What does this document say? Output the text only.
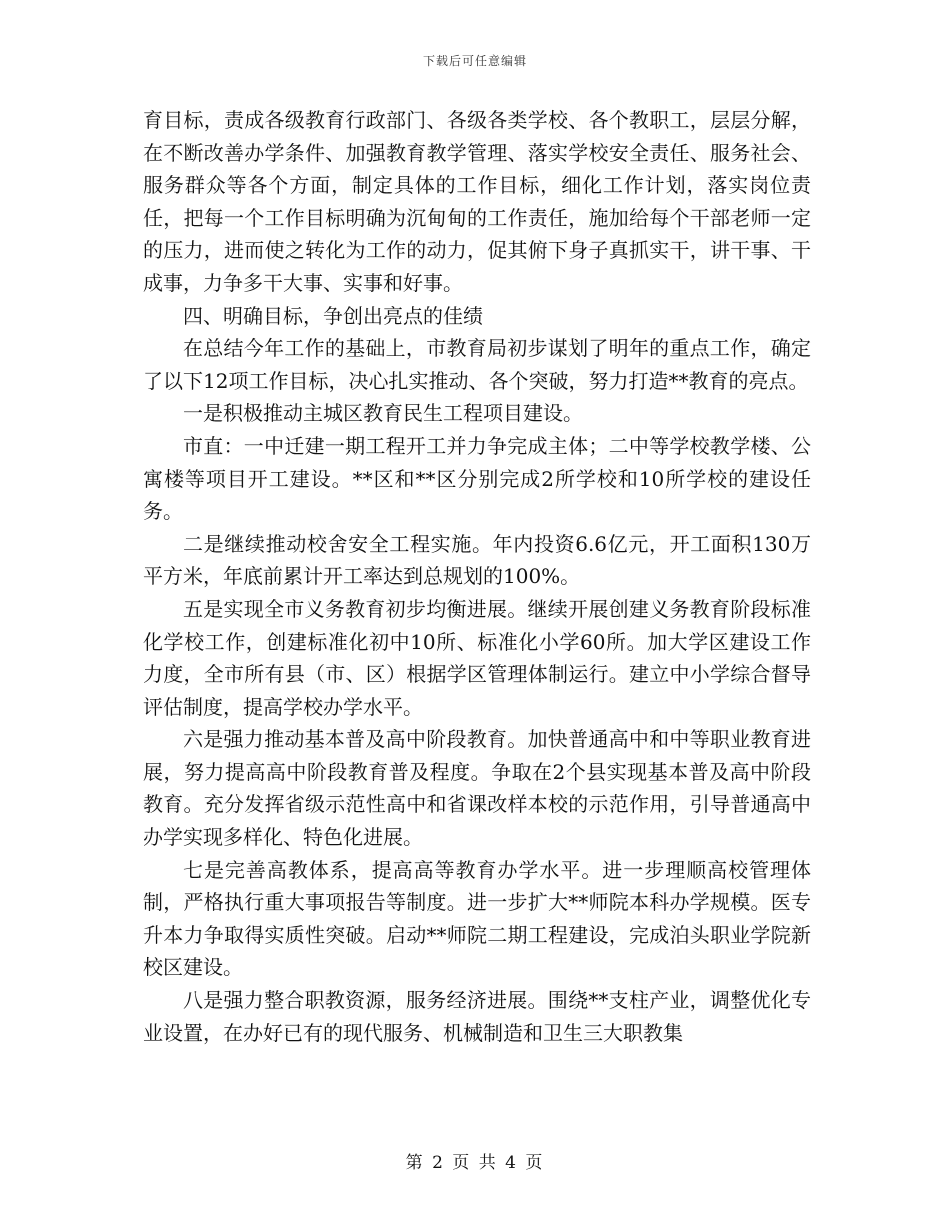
下载后可任意编辑

育目标，责成各级教育行政部门、各级各类学校、各个教职工，层层分解，在不断改善办学条件、加强教育教学管理、落实学校安全责任、服务社会、服务群众等各个方面，制定具体的工作目标，细化工作计划，落实岗位责任，把每一个工作目标明确为沉甸甸的工作责任，施加给每个干部老师一定的压力，进而使之转化为工作的动力，促其俯下身子真抓实干，讲干事、干成事，力争多干大事、实事和好事。

四、明确目标，争创出亮点的佳绩

在总结今年工作的基础上，市教育局初步谋划了明年的重点工作，确定了以下12项工作目标，决心扎实推动、各个突破，努力打造**教育的亮点。

一是积极推动主城区教育民生工程项目建设。

市直：一中迁建一期工程开工并力争完成主体；二中等学校教学楼、公寓楼等项目开工建设。**区和**区分别完成2所学校和10所学校的建设任务。

二是继续推动校舍安全工程实施。年内投资6.6亿元，开工面积130万平方米，年底前累计开工率达到总规划的100%。

五是实现全市义务教育初步均衡进展。继续开展创建义务教育阶段标准化学校工作，创建标准化初中10所、标准化小学60所。加大学区建设工作力度，全市所有县（市、区）根据学区管理体制运行。建立中小学综合督导评估制度，提高学校办学水平。

六是强力推动基本普及高中阶段教育。加快普通高中和中等职业教育进展，努力提高高中阶段教育普及程度。争取在2个县实现基本普及高中阶段教育。充分发挥省级示范性高中和省课改样本校的示范作用，引导普通高中办学实现多样化、特色化进展。

七是完善高教体系，提高高等教育办学水平。进一步理顺高校管理体制，严格执行重大事项报告等制度。进一步扩大**师院本科办学规模。医专升本力争取得实质性突破。启动**师院二期工程建设，完成泊头职业学院新校区建设。

八是强力整合职教资源，服务经济进展。围绕**支柱产业，调整优化专业设置，在办好已有的现代服务、机械制造和卫生三大职教集

第 2 页 共 4 页
